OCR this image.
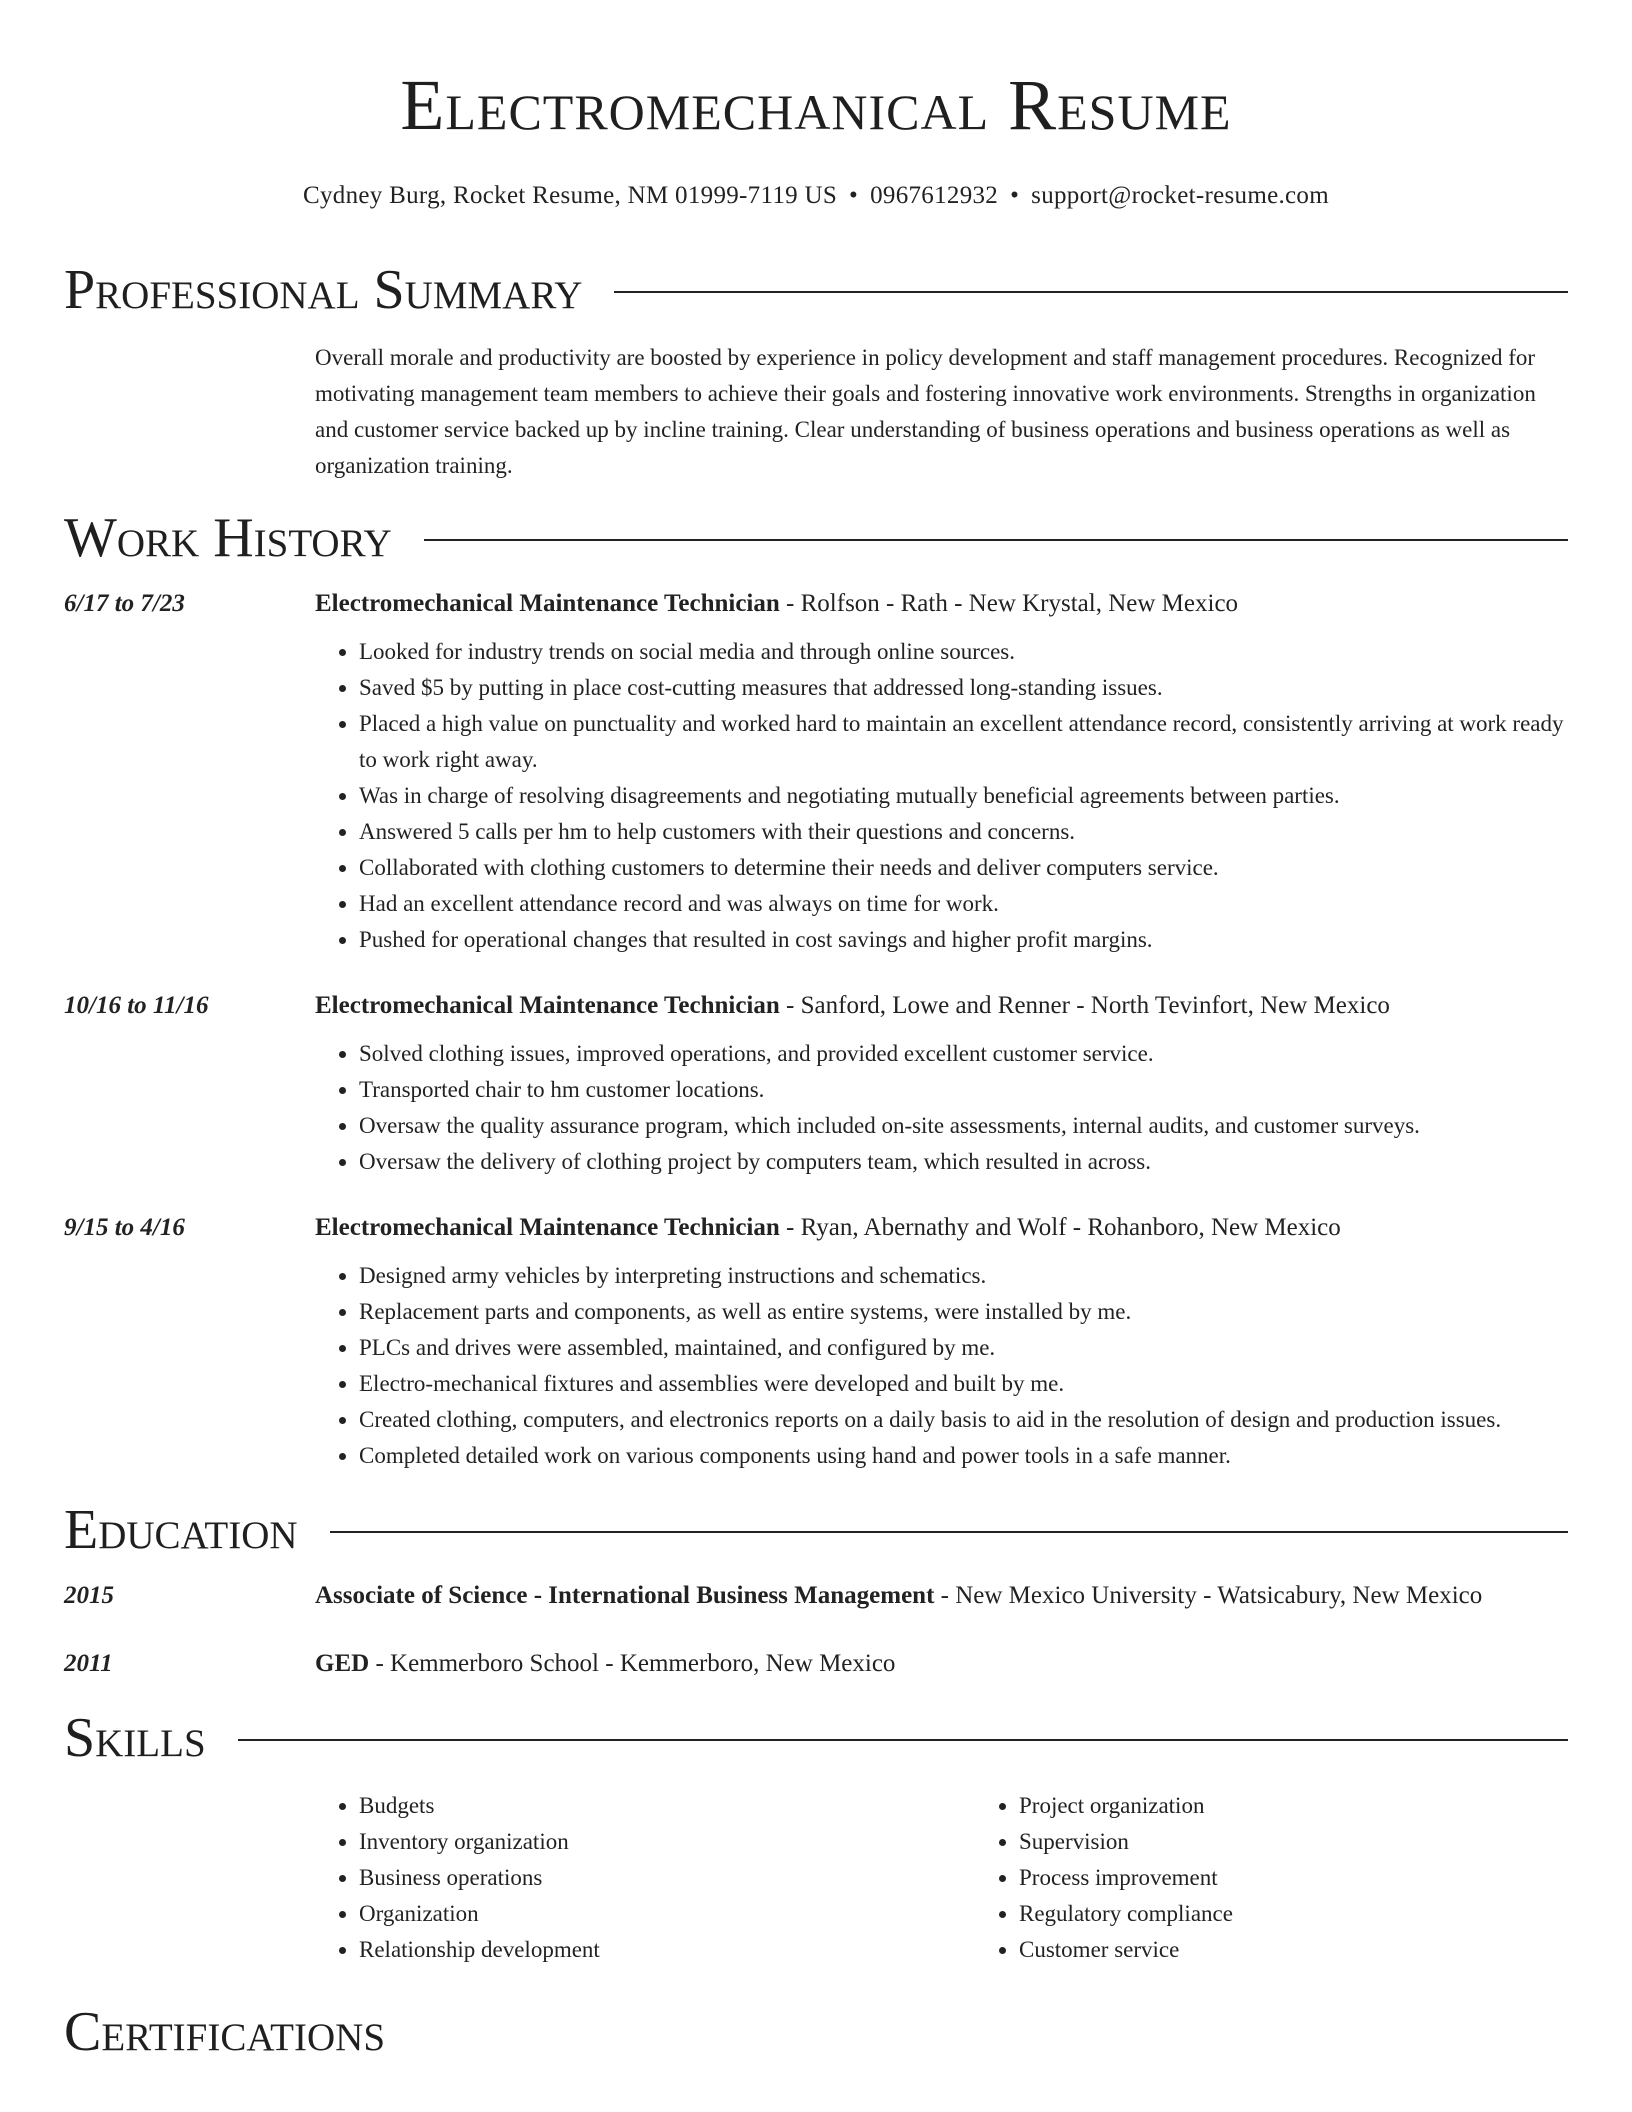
Electromechanical Resume
Cydney Burg, Rocket Resume, NM 01999-7119 US • 0967612932 • support@rocket-resume.com
Professional Summary
Overall morale and productivity are boosted by experience in policy development and staff management procedures. Recognized for motivating management team members to achieve their goals and fostering innovative work environments. Strengths in organization and customer service backed up by incline training. Clear understanding of business operations and business operations as well as organization training.
Work History
6/17 to 7/23	Electromechanical Maintenance Technician - Rolfson - Rath - New Krystal, New Mexico
• Looked for industry trends on social media and through online sources.
• Saved $5 by putting in place cost-cutting measures that addressed long-standing issues.
• Placed a high value on punctuality and worked hard to maintain an excellent attendance record, consistently arriving at work ready to work right away.
• Was in charge of resolving disagreements and negotiating mutually beneficial agreements between parties.
• Answered 5 calls per hm to help customers with their questions and concerns.
• Collaborated with clothing customers to determine their needs and deliver computers service.
• Had an excellent attendance record and was always on time for work.
• Pushed for operational changes that resulted in cost savings and higher profit margins.
10/16 to 11/16	Electromechanical Maintenance Technician - Sanford, Lowe and Renner - North Tevinfort, New Mexico
• Solved clothing issues, improved operations, and provided excellent customer service.
• Transported chair to hm customer locations.
• Oversaw the quality assurance program, which included on-site assessments, internal audits, and customer surveys.
• Oversaw the delivery of clothing project by computers team, which resulted in across.
9/15 to 4/16	Electromechanical Maintenance Technician - Ryan, Abernathy and Wolf - Rohanboro, New Mexico
• Designed army vehicles by interpreting instructions and schematics.
• Replacement parts and components, as well as entire systems, were installed by me.
• PLCs and drives were assembled, maintained, and configured by me.
• Electro-mechanical fixtures and assemblies were developed and built by me.
• Created clothing, computers, and electronics reports on a daily basis to aid in the resolution of design and production issues.
• Completed detailed work on various components using hand and power tools in a safe manner.
Education
2015	Associate of Science - International Business Management - New Mexico University - Watsicabury, New Mexico
2011	GED - Kemmerboro School - Kemmerboro, New Mexico
Skills
• Budgets
• Inventory organization
• Business operations
• Organization
• Relationship development
• Project organization
• Supervision
• Process improvement
• Regulatory compliance
• Customer service
Certifications
